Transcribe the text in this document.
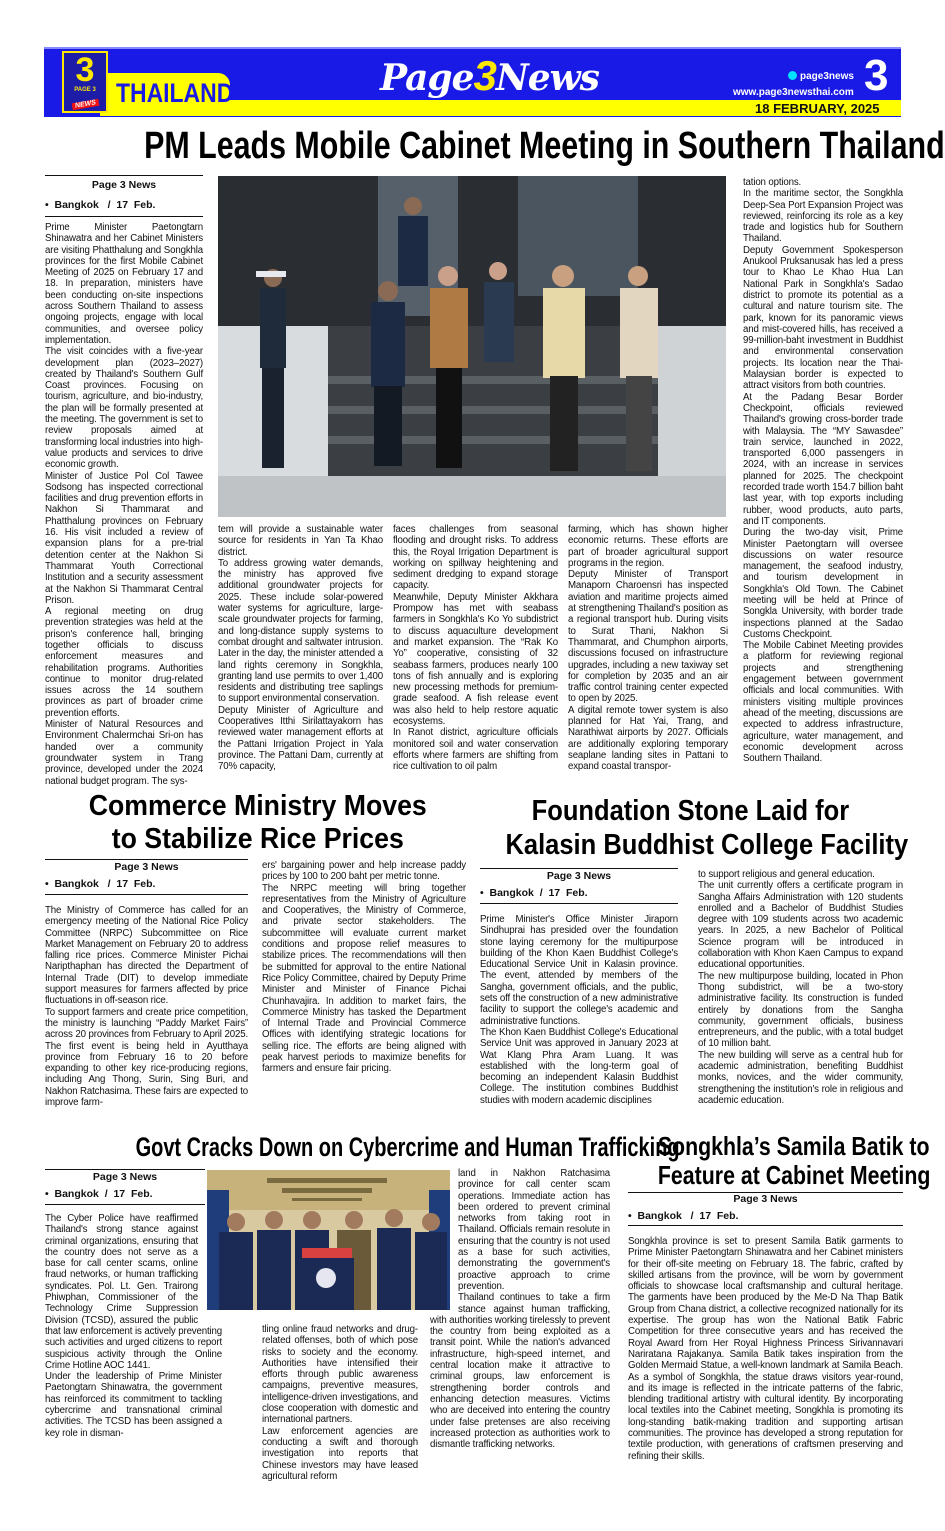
3
PAGE 3
NEWS THAILAND	Page3News	page3news
www.page3newsthai.com 3
18 FEBRUARY, 2025
PM Leads Mobile Cabinet Meeting in Southern Thailand
Page 3 News
•  Bangkok   /  17  Feb.

Prime Minister Paetongtarn Shinawatra and her Cabinet Ministers are visiting Phatthalung and Songkhla provinces for the first Mobile Cabinet Meeting of 2025 on February 17 and 18. In preparation, ministers have been conducting on-site inspections across Southern Thailand to assess ongoing projects, engage with local communities, and oversee policy implementation.

The visit coincides with a five-year development plan (2023–2027) created by Thailand's Southern Gulf Coast provinces. Focusing on tourism, agriculture, and bio-industry, the plan will be formally presented at the meeting. The government is set to review proposals aimed at transforming local industries into high-value products and services to drive economic growth.

Minister of Justice Pol Col Tawee Sodsong has inspected correctional facilities and drug prevention efforts in Nakhon Si Thammarat and Phatthalung provinces on February 16. His visit included a review of expansion plans for a pre-trial detention center at the Nakhon Si Thammarat Youth Correctional Institution and a security assessment at the Nakhon Si Thammarat Central Prison.

A regional meeting on drug prevention strategies was held at the prison's conference hall, bringing together officials to discuss enforcement measures and rehabilitation programs. Authorities continue to monitor drug-related issues across the 14 southern provinces as part of broader crime prevention efforts.

Minister of Natural Resources and Environment Chalermchai Sri-on has handed over a community groundwater system in Trang province, developed under the 2024 national budget program. The sys-

tem will provide a sustainable water source for residents in Yan Ta Khao district.

To address growing water demands, the ministry has approved five additional groundwater projects for 2025. These include solar-powered water systems for agriculture, large-scale groundwater projects for farming, and long-distance supply systems to combat drought and saltwater intrusion. Later in the day, the minister attended a land rights ceremony in Songkhla, granting land use permits to over 1,400 residents and distributing tree saplings to support environmental conservation.

Deputy Minister of Agriculture and Cooperatives Itthi Sirilattayakorn has reviewed water management efforts at the Pattani Irrigation Project in Yala province. The Pattani Dam, currently at 70% capacity,

faces challenges from seasonal flooding and drought risks. To address this, the Royal Irrigation Department is working on spillway heightening and sediment dredging to expand storage capacity.

Meanwhile, Deputy Minister Akkhara Prompow has met with seabass farmers in Songkhla's Ko Yo subdistrict to discuss aquaculture development and market expansion. The “Rak Ko Yo” cooperative, consisting of 32 seabass farmers, produces nearly 100 tons of fish annually and is exploring new processing methods for premium-grade seafood. A fish release event was also held to help restore aquatic ecosystems.

In Ranot district, agriculture officials monitored soil and water conservation efforts where farmers are shifting from rice cultivation to oil palm

farming, which has shown higher economic returns. These efforts are part of broader agricultural support programs in the region.

Deputy Minister of Transport Manaporn Charoensri has inspected aviation and maritime projects aimed at strengthening Thailand's position as a regional transport hub. During visits to Surat Thani, Nakhon Si Thammarat, and Chumphon airports, discussions focused on infrastructure upgrades, including a new taxiway set for completion by 2035 and an air traffic control training center expected to open by 2025.

A digital remote tower system is also planned for Hat Yai, Trang, and Narathiwat airports by 2027. Officials are additionally exploring temporary seaplane landing sites in Pattani to expand coastal transpor-

tation options.

In the maritime sector, the Songkhla Deep-Sea Port Expansion Project was reviewed, reinforcing its role as a key trade and logistics hub for Southern Thailand.

Deputy Government Spokesperson Anukool Pruksanusak has led a press tour to Khao Le Khao Hua Lan National Park in Songkhla's Sadao district to promote its potential as a cultural and nature tourism site. The park, known for its panoramic views and mist-covered hills, has received a 99-million-baht investment in Buddhist and environmental conservation projects. Its location near the Thai-Malaysian border is expected to attract visitors from both countries.

At the Padang Besar Border Checkpoint, officials reviewed Thailand's growing cross-border trade with Malaysia. The “MY Sawasdee” train service, launched in 2022, transported 6,000 passengers in 2024, with an increase in services planned for 2025. The checkpoint recorded trade worth 154.7 billion baht last year, with top exports including rubber, wood products, auto parts, and IT components.

During the two-day visit, Prime Minister Paetongtarn will oversee discussions on water resource management, the seafood industry, and tourism development in Songkhla's Old Town. The Cabinet meeting will be held at Prince of Songkla University, with border trade inspections planned at the Sadao Customs Checkpoint.

The Mobile Cabinet Meeting provides a platform for reviewing regional projects and strengthening engagement between government officials and local communities. With ministers visiting multiple provinces ahead of the meeting, discussions are expected to address infrastructure, agriculture, water management, and economic development across Southern Thailand.

Commerce Ministry Moves
to Stabilize Rice Prices
Page 3 News
•  Bangkok   /  17  Feb.

The Ministry of Commerce has called for an emergency meeting of the National Rice Policy Committee (NRPC) Subcommittee on Rice Market Management on February 20 to address falling rice prices. Commerce Minister Pichai Naripthaphan has directed the Department of Internal Trade (DIT) to develop immediate support measures for farmers affected by price fluctuations in off-season rice.

To support farmers and create price competition, the ministry is launching “Paddy Market Fairs” across 20 provinces from February to April 2025. The first event is being held in Ayutthaya province from February 16 to 20 before expanding to other key rice-producing regions, including Ang Thong, Surin, Sing Buri, and Nakhon Ratchasima. These fairs are expected to improve farm-

ers' bargaining power and help increase paddy prices by 100 to 200 baht per metric tonne.

The NRPC meeting will bring together representatives from the Ministry of Agriculture and Cooperatives, the Ministry of Commerce, and private sector stakeholders. The subcommittee will evaluate current market conditions and propose relief measures to stabilize prices. The recommendations will then be submitted for approval to the entire National Rice Policy Committee, chaired by Deputy Prime Minister and Minister of Finance Pichai Chunhavajira. In addition to market fairs, the Commerce Ministry has tasked the Department of Internal Trade and Provincial Commerce Offices with identifying strategic locations for selling rice. The efforts are being aligned with peak harvest periods to maximize benefits for farmers and ensure fair pricing.

Foundation Stone Laid for
Kalasin Buddhist College Facility
Page 3 News
•  Bangkok  /  17  Feb.

Prime Minister's Office Minister Jiraporn Sindhuprai has presided over the foundation stone laying ceremony for the multipurpose building of the Khon Kaen Buddhist College's Educational Service Unit in Kalasin province. The event, attended by members of the Sangha, government officials, and the public, sets off the construction of a new administrative facility to support the college's academic and administrative functions.

The Khon Kaen Buddhist College's Educational Service Unit was approved in January 2023 at Wat Klang Phra Aram Luang. It was established with the long-term goal of becoming an independent Kalasin Buddhist College. The institution combines Buddhist studies with modern academic disciplines

to support religious and general education.

The unit currently offers a certificate program in Sangha Affairs Administration with 120 students enrolled and a Bachelor of Buddhist Studies degree with 109 students across two academic years. In 2025, a new Bachelor of Political Science program will be introduced in collaboration with Khon Kaen Campus to expand educational opportunities.

The new multipurpose building, located in Phon Thong subdistrict, will be a two-story administrative facility. Its construction is funded entirely by donations from the Sangha community, government officials, business entrepreneurs, and the public, with a total budget of 10 million baht.

The new building will serve as a central hub for academic administration, benefiting Buddhist monks, novices, and the wider community, strengthening the institution's role in religious and academic education.

Govt Cracks Down on Cybercrime and Human Trafficking
Page 3 News
•  Bangkok  /  17  Feb.

The Cyber Police have reaffirmed Thailand's strong stance against criminal organizations, ensuring that the country does not serve as a base for call center scams, online fraud networks, or human trafficking syndicates. Pol. Lt. Gen. Trairong Phiwphan, Commissioner of the Technology Crime Suppression Division (TCSD), assured the public that law enforcement is actively preventing such activities and urged citizens to report suspicious activity through the Online Crime Hotline AOC 1441.

Under the leadership of Prime Minister Paetongtarn Shinawatra, the government has reinforced its commitment to tackling cybercrime and transnational criminal activities. The TCSD has been assigned a key role in disman-

tling online fraud networks and drug-related offenses, both of which pose risks to society and the economy. Authorities have intensified their efforts through public awareness campaigns, preventive measures, intelligence-driven investigations, and close cooperation with domestic and international partners.

Law enforcement agencies are conducting a swift and thorough investigation into reports that Chinese investors may have leased agricultural reform

land in Nakhon Ratchasima province for call center scam operations. Immediate action has been ordered to prevent criminal networks from taking root in Thailand. Officials remain resolute in ensuring that the country is not used as a base for such activities, demonstrating the government's proactive approach to crime prevention.

Thailand continues to take a firm stance against human trafficking, with authorities working tirelessly to prevent the country from being exploited as a transit point. While the nation's advanced infrastructure, high-speed internet, and central location make it attractive to criminal groups, law enforcement is strengthening border controls and enhancing detection measures. Victims who are deceived into entering the country under false pretenses are also receiving increased protection as authorities work to dismantle trafficking networks.

Songkhla’s Samila Batik to
Feature at Cabinet Meeting
Page 3 News
•  Bangkok   /  17  Feb.

Songkhla province is set to present Samila Batik garments to Prime Minister Paetongtarn Shinawatra and her Cabinet ministers for their off-site meeting on February 18. The fabric, crafted by skilled artisans from the province, will be worn by government officials to showcase local craftsmanship and cultural heritage. The garments have been produced by the Me-D Na Thap Batik Group from Chana district, a collective recognized nationally for its expertise. The group has won the National Batik Fabric Competition for three consecutive years and has received the Royal Award from Her Royal Highness Princess Sirivannavari Nariratana Rajakanya. Samila Batik takes inspiration from the Golden Mermaid Statue, a well-known landmark at Samila Beach. As a symbol of Songkhla, the statue draws visitors year-round, and its image is reflected in the intricate patterns of the fabric, blending traditional artistry with cultural identity. By incorporating local textiles into the Cabinet meeting, Songkhla is promoting its long-standing batik-making tradition and supporting artisan communities. The province has developed a strong reputation for textile production, with generations of craftsmen preserving and refining their skills.
